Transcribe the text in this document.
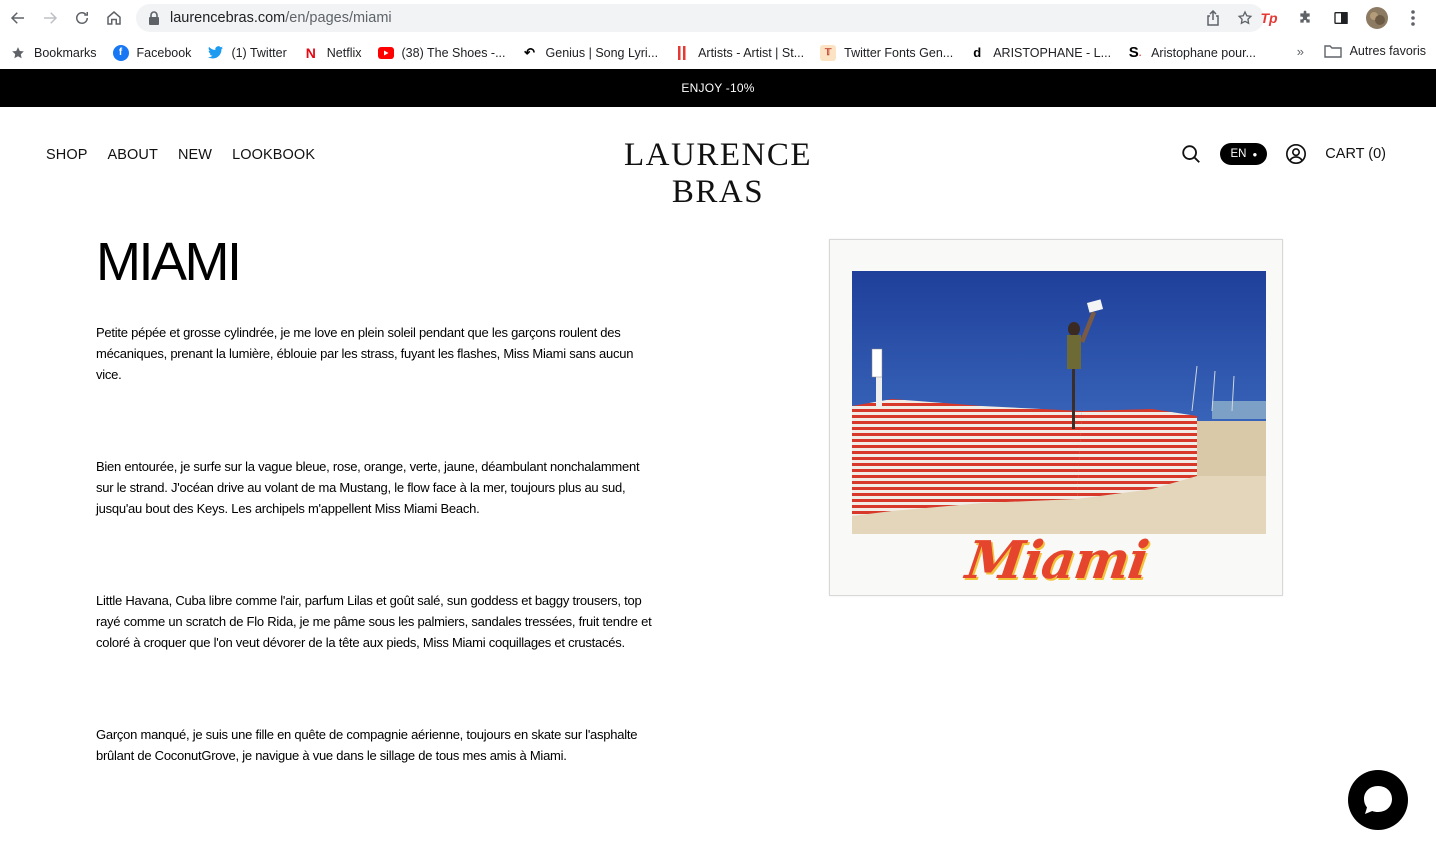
laurencebras.com/en/pages/miami	Tp
Bookmarks	f	Facebook	(1) Twitter N Netflix	(38) The Shoes -... ↶ Genius | Song Lyri...	Artists - Artist | St...	𝕋	Twitter Fonts Gen...	d ARISTOPHANE - L... S . Aristophane pour...	»	Autres favoris
ENJOY -10%
SHOP ABOUT NEW LOOKBOOK	LAURENCE BRAS
EN ●	CART (0)
MIAMI

Petite pépée et grosse cylindrée, je me love en plein soleil pendant que les garçons roulent des mécaniques, prenant la lumière, éblouie par les strass, fuyant les flashes, Miss Miami sans aucun vice.

Bien entourée, je surfe sur la vague bleue, rose, orange, verte, jaune, déambulant nonchalamment sur le strand. J'océan drive au volant de ma Mustang, le flow face à la mer, toujours plus au sud, jusqu'au bout des Keys. Les archipels m'appellent Miss Miami Beach.

Little Havana, Cuba libre comme l'air, parfum Lilas et goût salé, sun goddess et baggy trousers, top rayé comme un scratch de Flo Rida, je me pâme sous les palmiers, sandales tressées, fruit tendre et coloré à croquer que l'on veut dévorer de la tête aux pieds, Miss Miami coquillages et crustacés.

Garçon manqué, je suis une fille en quête de compagnie aérienne, toujours en skate sur l'asphalte brûlant de CoconutGrove, je navigue à vue dans le sillage de tous mes amis à Miami.

Miami
